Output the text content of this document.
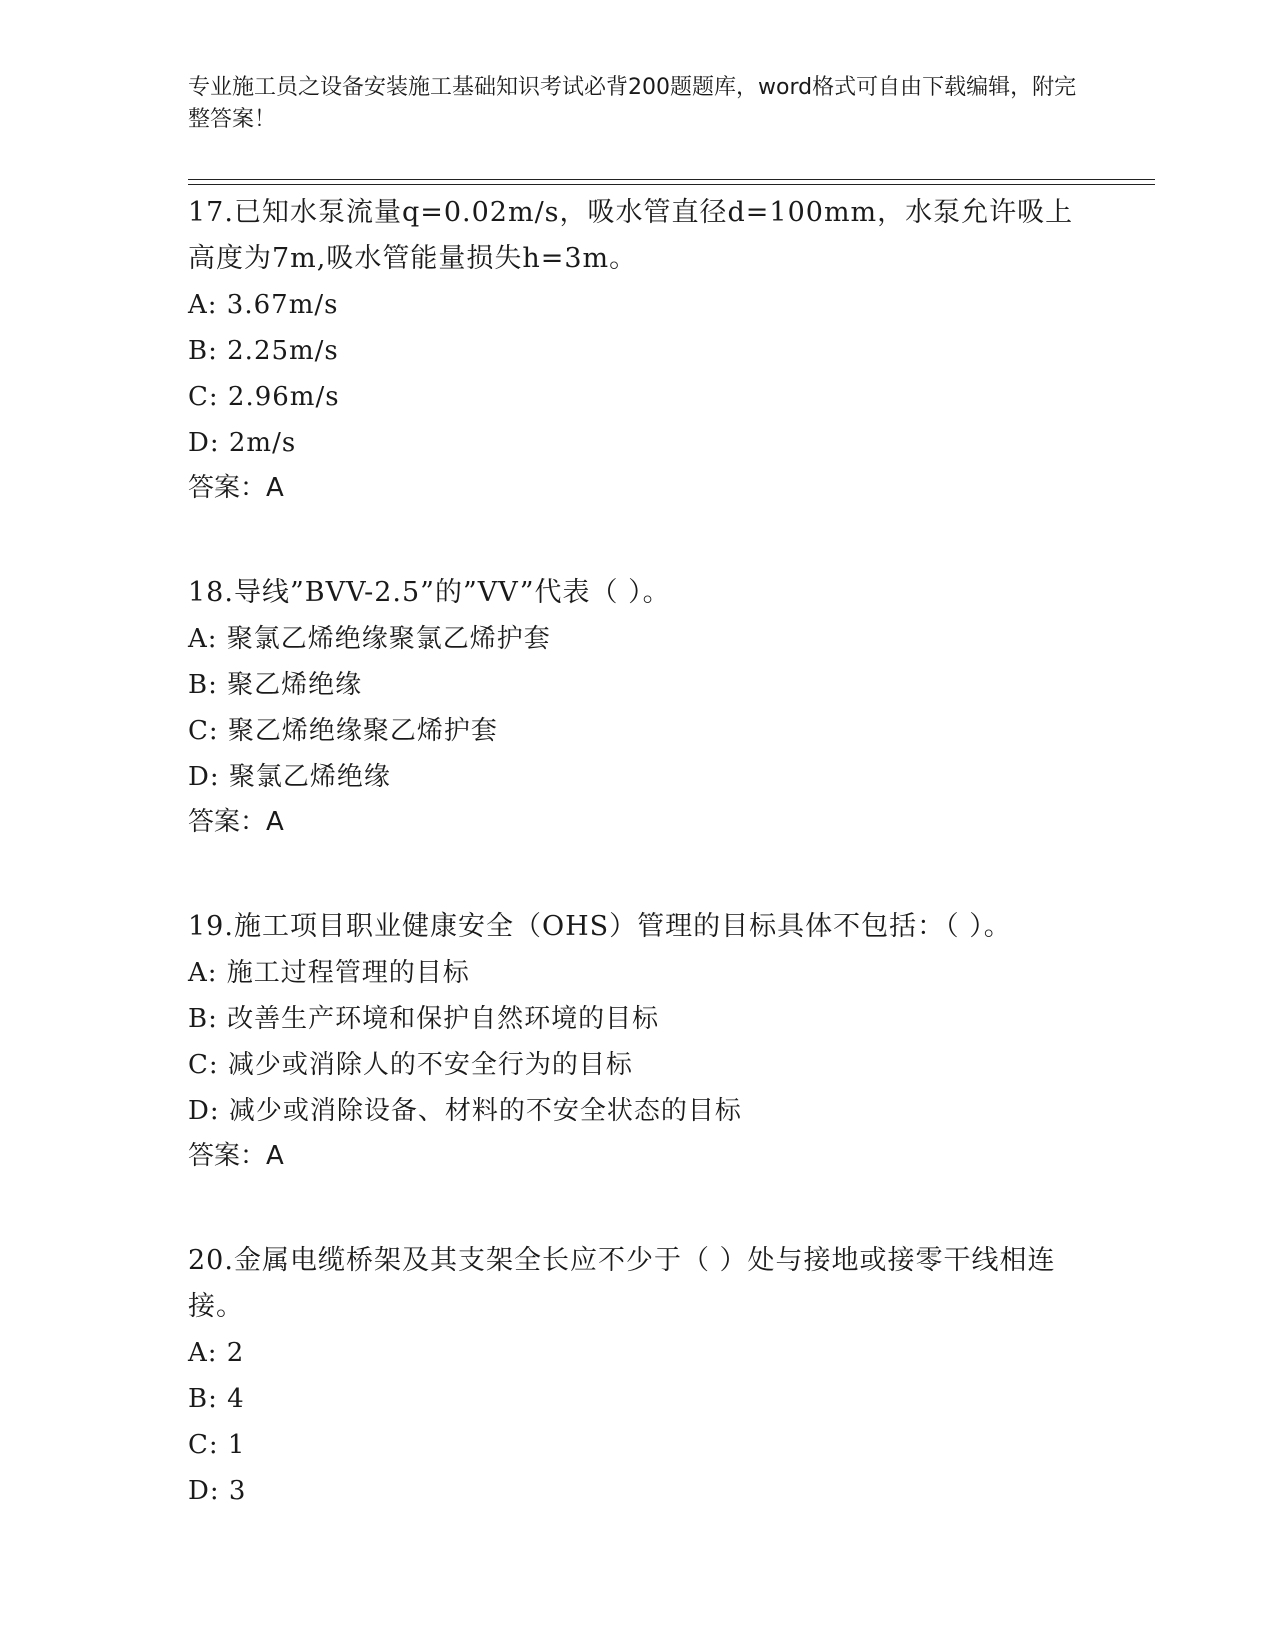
专业施工员之设备安装施工基础知识考试必背200题题库，word格式可自由下载编辑，附完整答案！

17.已知水泵流量q=0.02m/s，吸水管直径d=100mm，水泵允许吸上高度为7m,吸水管能量损失h=3m。

A: 3.67m/s

B: 2.25m/s

C: 2.96m/s

D: 2m/s

答案：A

18.导线”BVV-2.5”的”VV”代表（ ）。

A: 聚氯乙烯绝缘聚氯乙烯护套

B: 聚乙烯绝缘

C: 聚乙烯绝缘聚乙烯护套

D: 聚氯乙烯绝缘

答案：A

19.施工项目职业健康安全（OHS）管理的目标具体不包括：（ ）。

A: 施工过程管理的目标

B: 改善生产环境和保护自然环境的目标

C: 减少或消除人的不安全行为的目标

D: 减少或消除设备、材料的不安全状态的目标

答案：A

20.金属电缆桥架及其支架全长应不少于（ ）处与接地或接零干线相连接。

A: 2

B: 4

C: 1

D: 3
